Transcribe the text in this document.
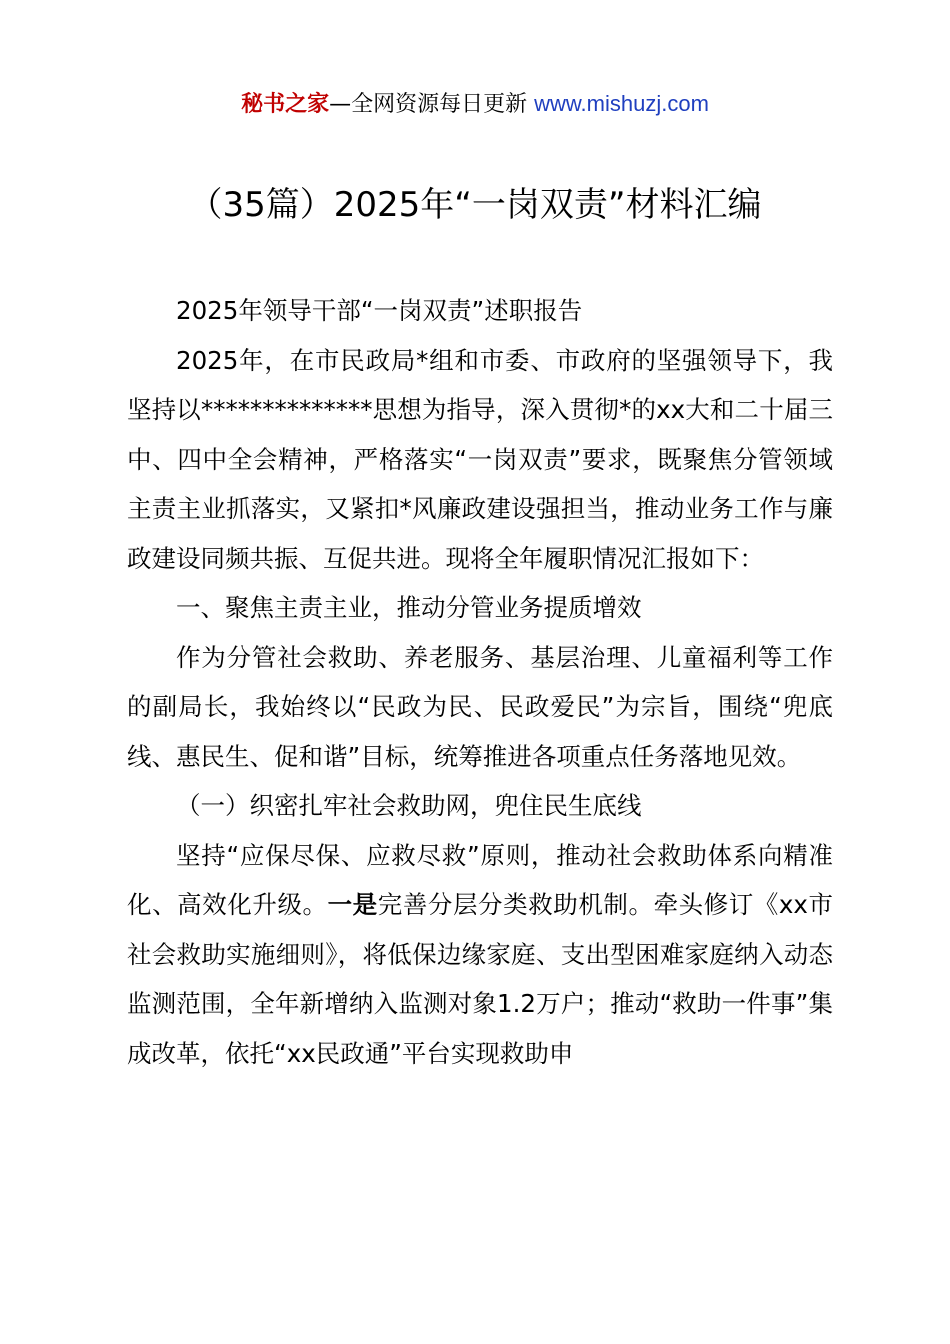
秘书之家—全网资源每日更新 www.mishuzj.com
（35篇）2025年“一岗双责”材料汇编

2025年领导干部“一岗双责”述职报告

2025年，在市民政局*组和市委、市政府的坚强领导下，我坚持以**************思想为指导，深入贯彻*的xx大和二十届三中、四中全会精神，严格落实“一岗双责”要求，既聚焦分管领域主责主业抓落实，又紧扣*风廉政建设强担当，推动业务工作与廉政建设同频共振、互促共进。现将全年履职情况汇报如下：

一、聚焦主责主业，推动分管业务提质增效

作为分管社会救助、养老服务、基层治理、儿童福利等工作的副局长，我始终以“民政为民、民政爱民”为宗旨，围绕“兜底线、惠民生、促和谐”目标，统筹推进各项重点任务落地见效。

（一）织密扎牢社会救助网，兜住民生底线

坚持“应保尽保、应救尽救”原则，推动社会救助体系向精准化、高效化升级。一是完善分层分类救助机制。牵头修订《xx市社会救助实施细则》，将低保边缘家庭、支出型困难家庭纳入动态监测范围，全年新增纳入监测对象1.2万户；推动“救助一件事”集成改革，依托“xx民政通”平台实现救助申
